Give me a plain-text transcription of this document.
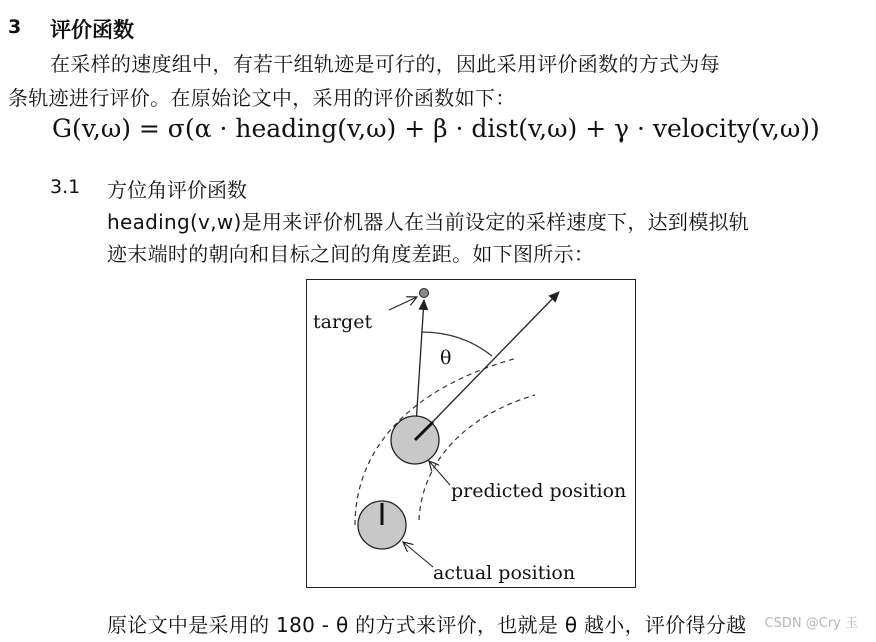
3 评价函数
在采样的速度组中，有若干组轨迹是可行的，因此采用评价函数的方式为每
条轨迹进行评价。在原始论文中，采用的评价函数如下：
G(v,ω) = σ(α · heading(v,ω) + β · dist(v,ω) + γ · velocity(v,ω))
3.1 方位角评价函数
heading(v,w)是用来评价机器人在当前设定的采样速度下，达到模拟轨
迹末端时的朝向和目标之间的角度差距。如下图所示：
target
θ
predicted position
actual position
原论文中是采用的 180 - θ 的方式来评价，也就是 θ 越小，评价得分越 CSDN @Cry 玉
